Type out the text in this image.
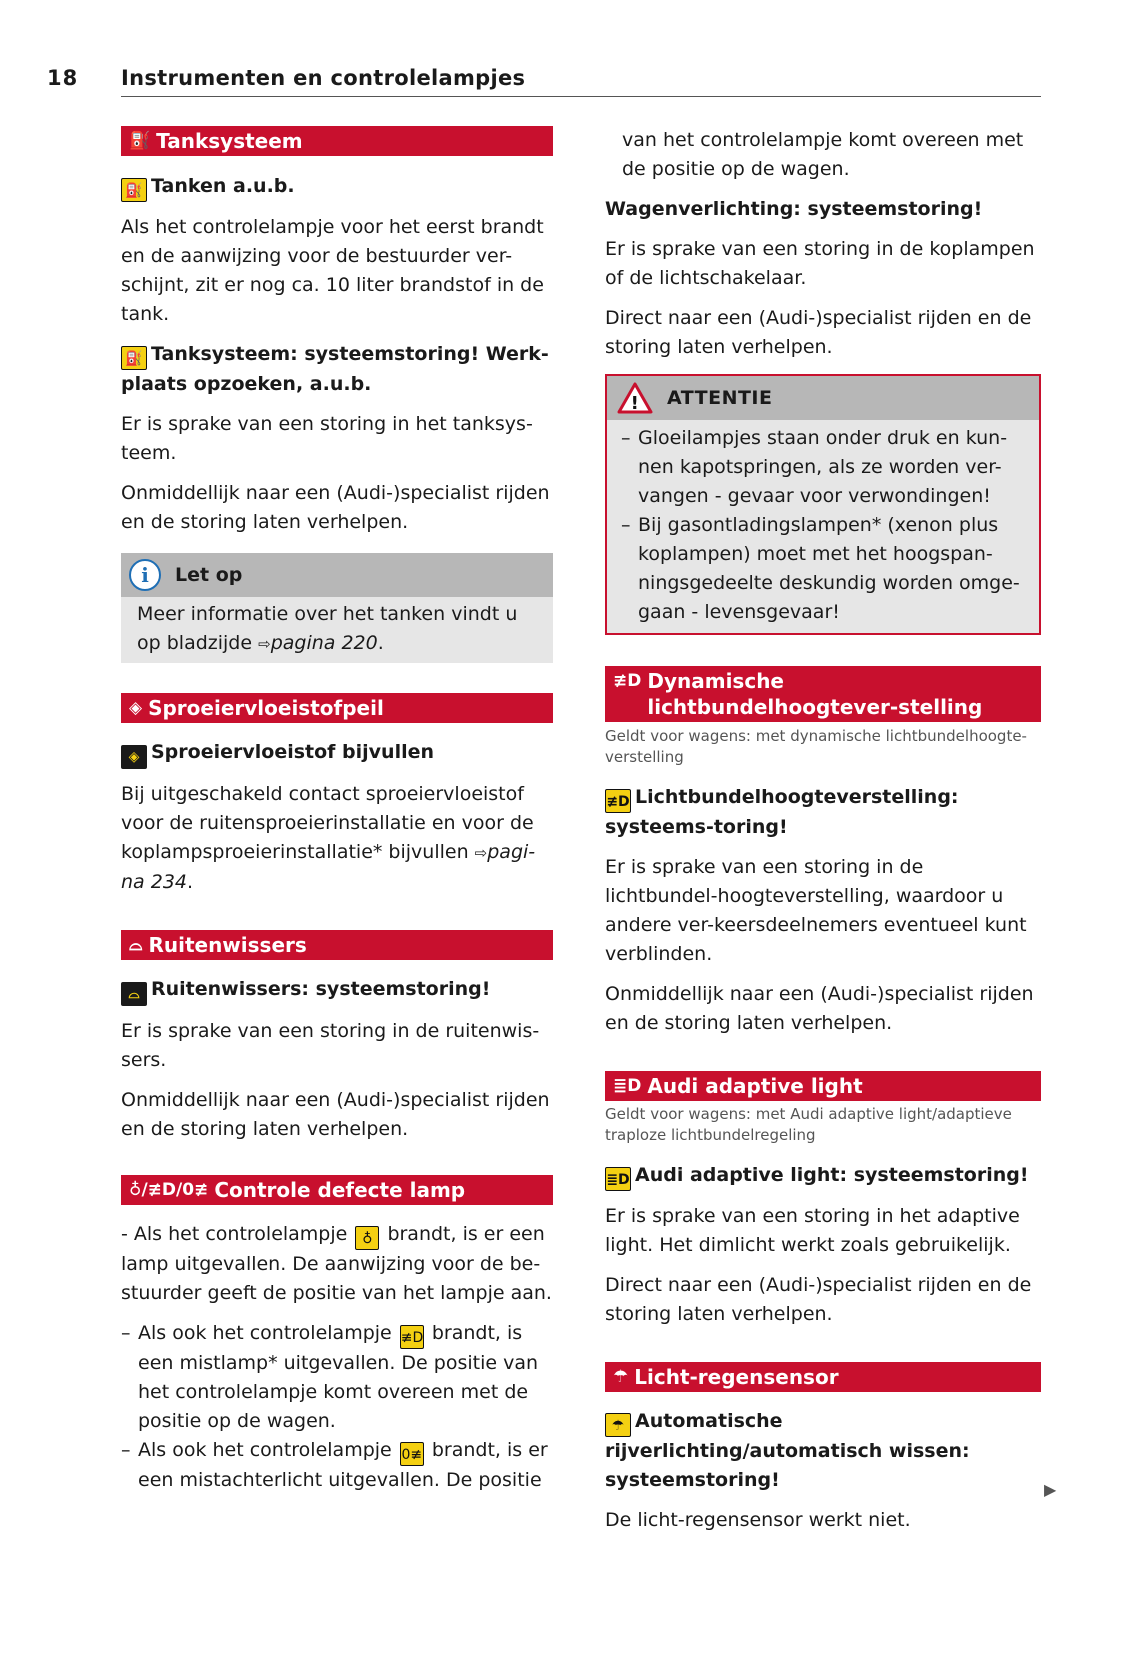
18 Instrumenten en controlelampjes
⛽ Tanksysteem
⛽ Tanken a.u.b.
Als het controlelampje voor het eerst brandt en de aanwijzing voor de bestuurder ver-schijnt, zit er nog ca. 10 liter brandstof in de tank.
⛽ Tanksysteem: systeemstoring! Werk-plaats opzoeken, a.u.b.
Er is sprake van een storing in het tanksys-teem.
Onmiddellijk naar een (Audi-)specialist rijden en de storing laten verhelpen.
i	Let op
Meer informatie over het tanken vindt u op bladzijde ⇨pagina 220.
◈ Sproeiervloeistofpeil
◈ Sproeiervloeistof bijvullen
Bij uitgeschakeld contact sproeiervloeistof voor de ruitensproeierinstallatie en voor de koplampsproeierinstallatie* bijvullen ⇨pagi-na 234.
⌓ Ruitenwissers
⌓ Ruitenwissers: systeemstoring!
Er is sprake van een storing in de ruitenwis-sers.
Onmiddellijk naar een (Audi-)specialist rijden en de storing laten verhelpen.
♁/≢D/0≢ Controle defecte lamp
- Als het controlelampje ♁ brandt, is er een lamp uitgevallen. De aanwijzing voor de be-stuurder geeft de positie van het lampje aan.
– Als ook het controlelampje ≢D brandt, is een mistlamp* uitgevallen. De positie van het controlelampje komt overeen met de positie op de wagen.
– Als ook het controlelampje 0≢ brandt, is er een mistachterlicht uitgevallen. De positie
van het controlelampje komt overeen met de positie op de wagen.
Wagenverlichting: systeemstoring!
Er is sprake van een storing in de koplampen of de lichtschakelaar.
Direct naar een (Audi-)specialist rijden en de storing laten verhelpen.
! ATTENTIE
– Gloeilampjes staan onder druk en kun-nen kapotspringen, als ze worden ver-vangen - gevaar voor verwondingen!
– Bij gasontladingslampen* (xenon plus koplampen) moet met het hoogspan-ningsgedeelte deskundig worden omge-gaan - levensgevaar!
≢D Dynamische lichtbundelhoogtever-stelling
Geldt voor wagens: met dynamische lichtbundelhoogte-verstelling
≢D Lichtbundelhoogteverstelling: systeems-toring!
Er is sprake van een storing in de lichtbundel-hoogteverstelling, waardoor u andere ver-keersdeelnemers eventueel kunt verblinden.
Onmiddellijk naar een (Audi-)specialist rijden en de storing laten verhelpen.
≣D Audi adaptive light
Geldt voor wagens: met Audi adaptive light/adaptieve traploze lichtbundelregeling
≣D Audi adaptive light: systeemstoring!
Er is sprake van een storing in het adaptive light. Het dimlicht werkt zoals gebruikelijk.
Direct naar een (Audi-)specialist rijden en de storing laten verhelpen.
☂ Licht-regensensor
☂ Automatische rijverlichting/automatisch wissen: systeemstoring!
De licht-regensensor werkt niet.
▶
